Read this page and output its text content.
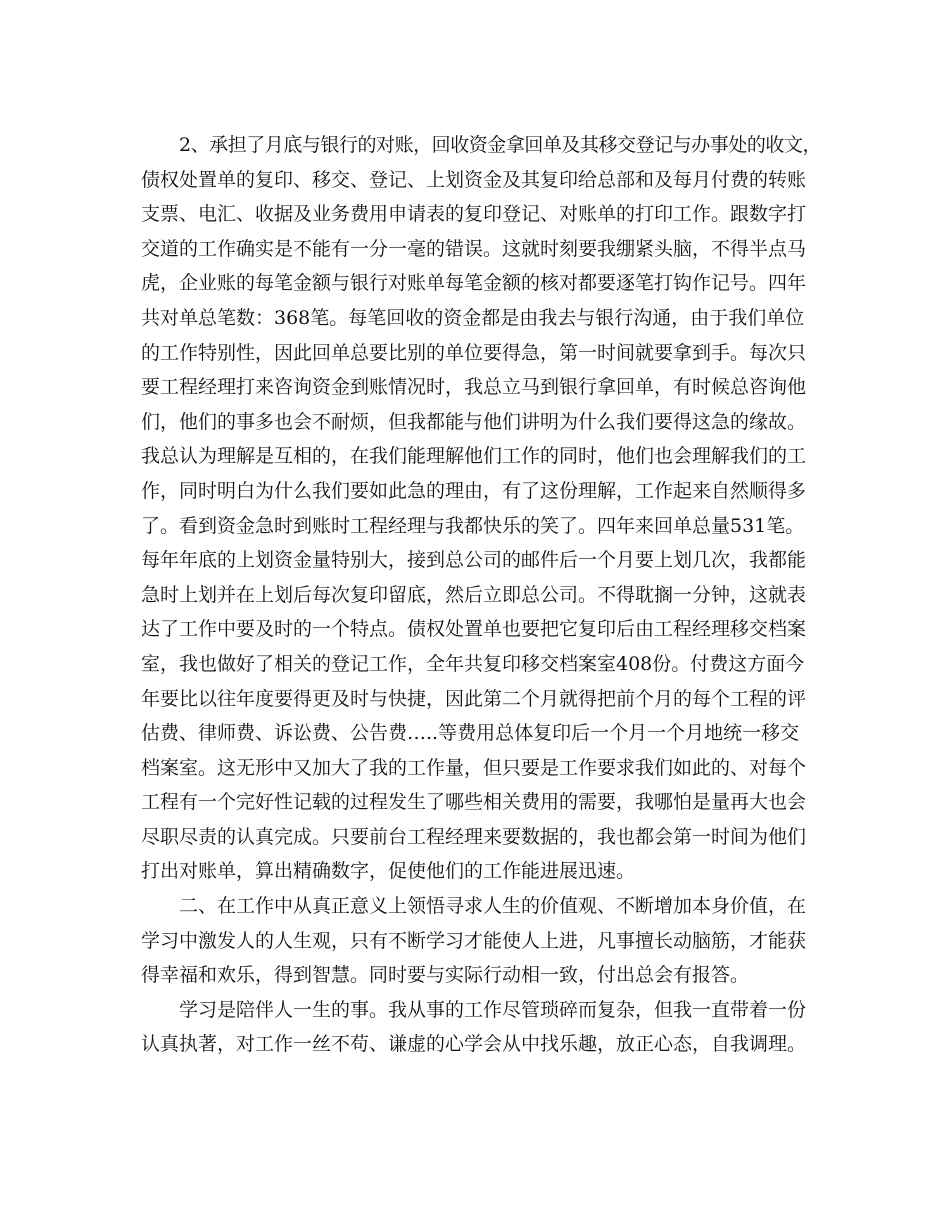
2、承担了月底与银行的对账，回收资金拿回单及其移交登记与办事处的收文，
债权处置单的复印、移交、登记、上划资金及其复印给总部和及每月付费的转账
支票、电汇、收据及业务费用申请表的复印登记、对账单的打印工作。跟数字打
交道的工作确实是不能有一分一毫的错误。这就时刻要我绷紧头脑，不得半点马
虎，企业账的每笔金额与银行对账单每笔金额的核对都要逐笔打钩作记号。四年
共对单总笔数：368笔。每笔回收的资金都是由我去与银行沟通，由于我们单位
的工作特别性，因此回单总要比别的单位要得急，第一时间就要拿到手。每次只
要工程经理打来咨询资金到账情况时，我总立马到银行拿回单，有时候总咨询他
们，他们的事多也会不耐烦，但我都能与他们讲明为什么我们要得这急的缘故。
我总认为理解是互相的，在我们能理解他们工作的同时，他们也会理解我们的工
作，同时明白为什么我们要如此急的理由，有了这份理解，工作起来自然顺得多
了。看到资金急时到账时工程经理与我都快乐的笑了。四年来回单总量531笔。
每年年底的上划资金量特别大，接到总公司的邮件后一个月要上划几次，我都能
急时上划并在上划后每次复印留底，然后立即总公司。不得耽搁一分钟，这就表
达了工作中要及时的一个特点。债权处置单也要把它复印后由工程经理移交档案
室，我也做好了相关的登记工作，全年共复印移交档案室408份。付费这方面今
年要比以往年度要得更及时与快捷，因此第二个月就得把前个月的每个工程的评
估费、律师费、诉讼费、公告费…..等费用总体复印后一个月一个月地统一移交
档案室。这无形中又加大了我的工作量，但只要是工作要求我们如此的、对每个
工程有一个完好性记载的过程发生了哪些相关费用的需要，我哪怕是量再大也会
尽职尽责的认真完成。只要前台工程经理来要数据的，我也都会第一时间为他们
打出对账单，算出精确数字，促使他们的工作能进展迅速。
二、在工作中从真正意义上领悟寻求人生的价值观、不断增加本身价值，在
学习中激发人的人生观，只有不断学习才能使人上进，凡事擅长动脑筋，才能获
得幸福和欢乐，得到智慧。同时要与实际行动相一致，付出总会有报答。
学习是陪伴人一生的事。我从事的工作尽管琐碎而复杂，但我一直带着一份
认真执著，对工作一丝不苟、谦虚的心学会从中找乐趣，放正心态，自我调理。
